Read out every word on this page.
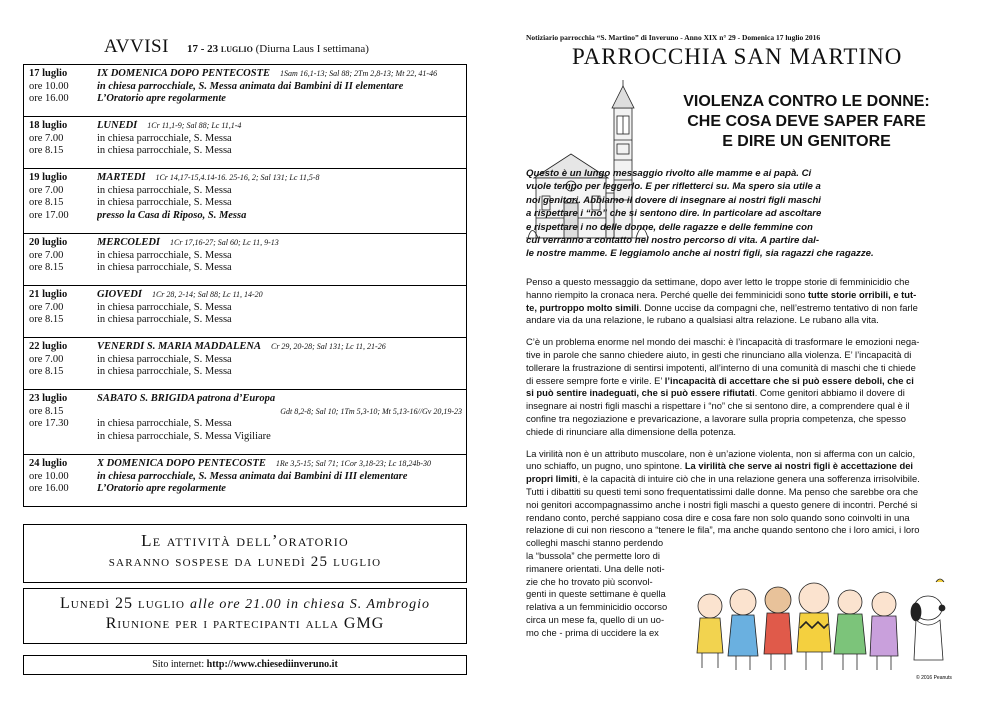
AVVISI 17 - 23 luglio (Diurna Laus I settimana)
17 luglio
ore 10.00
ore 16.00
IX DOMENICA DOPO PENTECOSTE 1Sam 16,1-13; Sal 88; 2Tm 2,8-13; Mt 22, 41-46
in chiesa parrocchiale, S. Messa animata dai Bambini di II elementare
L’Oratorio apre regolarmente
18 luglio
ore 7.00
ore 8.15
LUNEDÌ 1Cr 11,1-9; Sal 88; Lc 11,1-4
in chiesa parrocchiale, S. Messa
in chiesa parrocchiale, S. Messa
19 luglio
ore 7.00
ore 8.15
ore 17.00
MARTEDÌ 1Cr 14,17-15,4.14-16. 25-16, 2; Sal 131; Lc 11,5-8
in chiesa parrocchiale, S. Messa
in chiesa parrocchiale, S. Messa
presso la Casa di Riposo, S. Messa
20 luglio
ore 7.00
ore 8.15
MERCOLEDÌ 1Cr 17,16-27; Sal 60; Lc 11, 9-13
in chiesa parrocchiale, S. Messa
in chiesa parrocchiale, S. Messa
21 luglio
ore 7.00
ore 8.15
GIOVEDÌ 1Cr 28, 2-14; Sal 88; Lc 11, 14-20
in chiesa parrocchiale, S. Messa
in chiesa parrocchiale, S. Messa
22 luglio
ore 7.00
ore 8.15
VENERDÌ S. MARIA MADDALENA Cr 29, 20-28; Sal 131; Lc 11, 21-26
in chiesa parrocchiale, S. Messa
in chiesa parrocchiale, S. Messa
23 luglio
ore 8.15
ore 17.30
SABATO S. BRIGIDA patrona d’Europa
Gdt 8,2-8; Sal 10; 1Tm 5,3-10; Mt 5,13-16//Gv 20,19-23
in chiesa parrocchiale, S. Messa
in chiesa parrocchiale, S. Messa Vigiliare
24 luglio
ore 10.00
ore 16.00
X DOMENICA DOPO PENTECOSTE 1Re 3,5-15; Sal 71; 1Cor 3,18-23; Lc 18,24b-30
in chiesa parrocchiale, S. Messa animata dai Bambini di III elementare
L’Oratorio apre regolarmente
Le attività dell’oratorio
saranno sospese da lunedì 25 luglio
Lunedì 25 luglio alle ore 21.00 in chiesa S. Ambrogio
Riunione per i partecipanti alla GMG
Sito internet: http://www.chiesediinveruno.it
Notiziario parrocchia “S. Martino” di Inveruno - Anno XIX n° 29 - Domenica 17 luglio 2016
PARROCCHIA SAN MARTINO
VIOLENZA CONTRO LE DONNE:
CHE COSA DEVE SAPER FARE
E DIRE UN GENITORE
Questo è un lungo messaggio rivolto alle mamme e ai papà. Ci
vuole tempo per leggerlo. E per rifletterci su. Ma spero sia utile a
noi genitori. Abbiamo il dovere di insegnare ai nostri figli maschi
a rispettare i “no” che si sentono dire. In particolare ad ascoltare
e rispettare i no delle donne, delle ragazze e delle femmine con
cui verranno a contatto nel nostro percorso di vita. A partire dal-
le nostre mamme. E leggiamolo anche ai nostri figli, sia ragazzi che ragazze.
Penso a questo messaggio da settimane, dopo aver letto le troppe storie di femminicidio che
hanno riempito la cronaca nera. Perché quelle dei femminicidi sono tutte storie orribili, e tut-
te, purtroppo molto simili. Donne uccise da compagni che, nell’estremo tentativo di non farle
andare via da una relazione, le rubano a qualsiasi altra relazione. Le rubano alla vita.
C’è un problema enorme nel mondo dei maschi: è l’incapacità di trasformare le emozioni nega-
tive in parole che sanno chiedere aiuto, in gesti che rinunciano alla violenza. E’ l’incapacità di
tollerare la frustrazione di sentirsi impotenti, all’interno di una comunità di maschi che ti chiede
di essere sempre forte e virile. E’ l’incapacità di accettare che si può essere deboli, che ci
si può sentire inadeguati, che si può essere rifiutati. Come genitori abbiamo il dovere di
insegnare ai nostri figli maschi a rispettare i “no” che si sentono dire, a comprendere qual è il
confine tra negoziazione e prevaricazione, a lavorare sulla propria competenza, che spesso
chiede di rinunciare alla dimensione della potenza.
La virilità non è un attributo muscolare, non è un’azione violenta, non si afferma con un calcio,
uno schiaffo, un pugno, uno spintone. La virilità che serve ai nostri figli è accettazione dei
propri limiti, è la capacità di intuire ciò che in una relazione genera una sofferenza irrisolvibile.
Tutti i dibattiti su questi temi sono frequentatissimi dalle donne. Ma penso che sarebbe ora che
noi genitori accompagnassimo anche i nostri figli maschi a questo genere di incontri. Perché si
rendano conto, perché sappiano cosa dire e cosa fare non solo quando sono coinvolti in una
relazione di cui non riescono a “tenere le fila”, ma anche quando sentono che i loro amici, i loro
colleghi maschi stanno perdendo
la “bussola” che permette loro di
rimanere orientati. Una delle noti-
zie che ho trovato più sconvol-
genti in queste settimane è quella
relativa a un femminicidio occorso
circa un mese fa, quello di un uo-
mo che - prima di uccidere la ex
© 2016 Peanuts
